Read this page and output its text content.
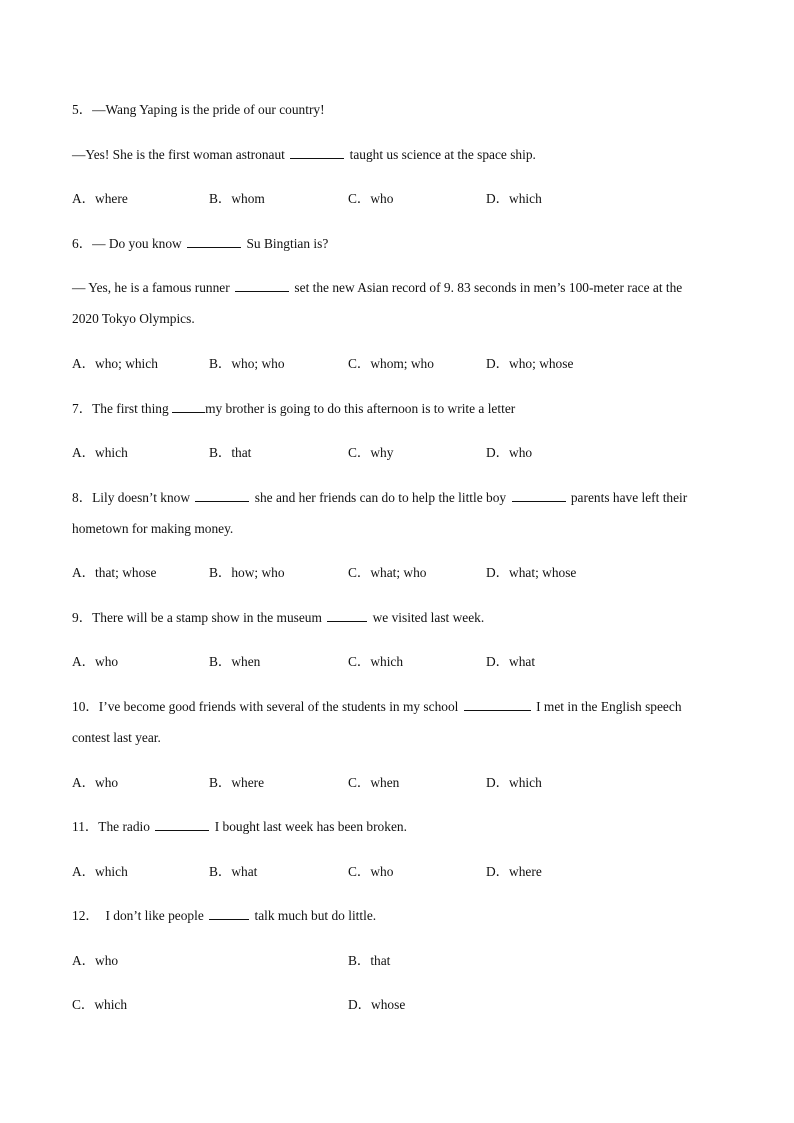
5．—Wang Yaping is the pride of our country!
—Yes! She is the first woman astronaut	taught us science at the space ship.
A．where	B．whom	C．who	D．which
6．— Do you know	Su Bingtian is?
— Yes, he is a famous runner	set the new Asian record of 9. 83 seconds in men’s 100-meter race at the
2020 Tokyo Olympics.
A．who; which	B．who; who	C．whom; who	D．who; whose
7．The first thing	my brother is going to do this afternoon is to write a letter
A．which	B．that	C．why	D．who
8．Lily doesn’t know	she and her friends can do to help the little boy	parents have left their
hometown for making money.
A．that; whose	B．how; who	C．what; who	D．what; whose
9．There will be a stamp show in the museum	we visited last week.
A．who	B．when	C．which	D．what
10．I’ve become good friends with several of the students in my school	I met in the English speech
contest last year.
A．who	B．where	C．when	D．which
11．The radio	I bought last week has been broken.
A．which	B．what	C．who	D．where
12．  I don’t like people	talk much but do little.
A．who	B．that
C．which	D．whose
